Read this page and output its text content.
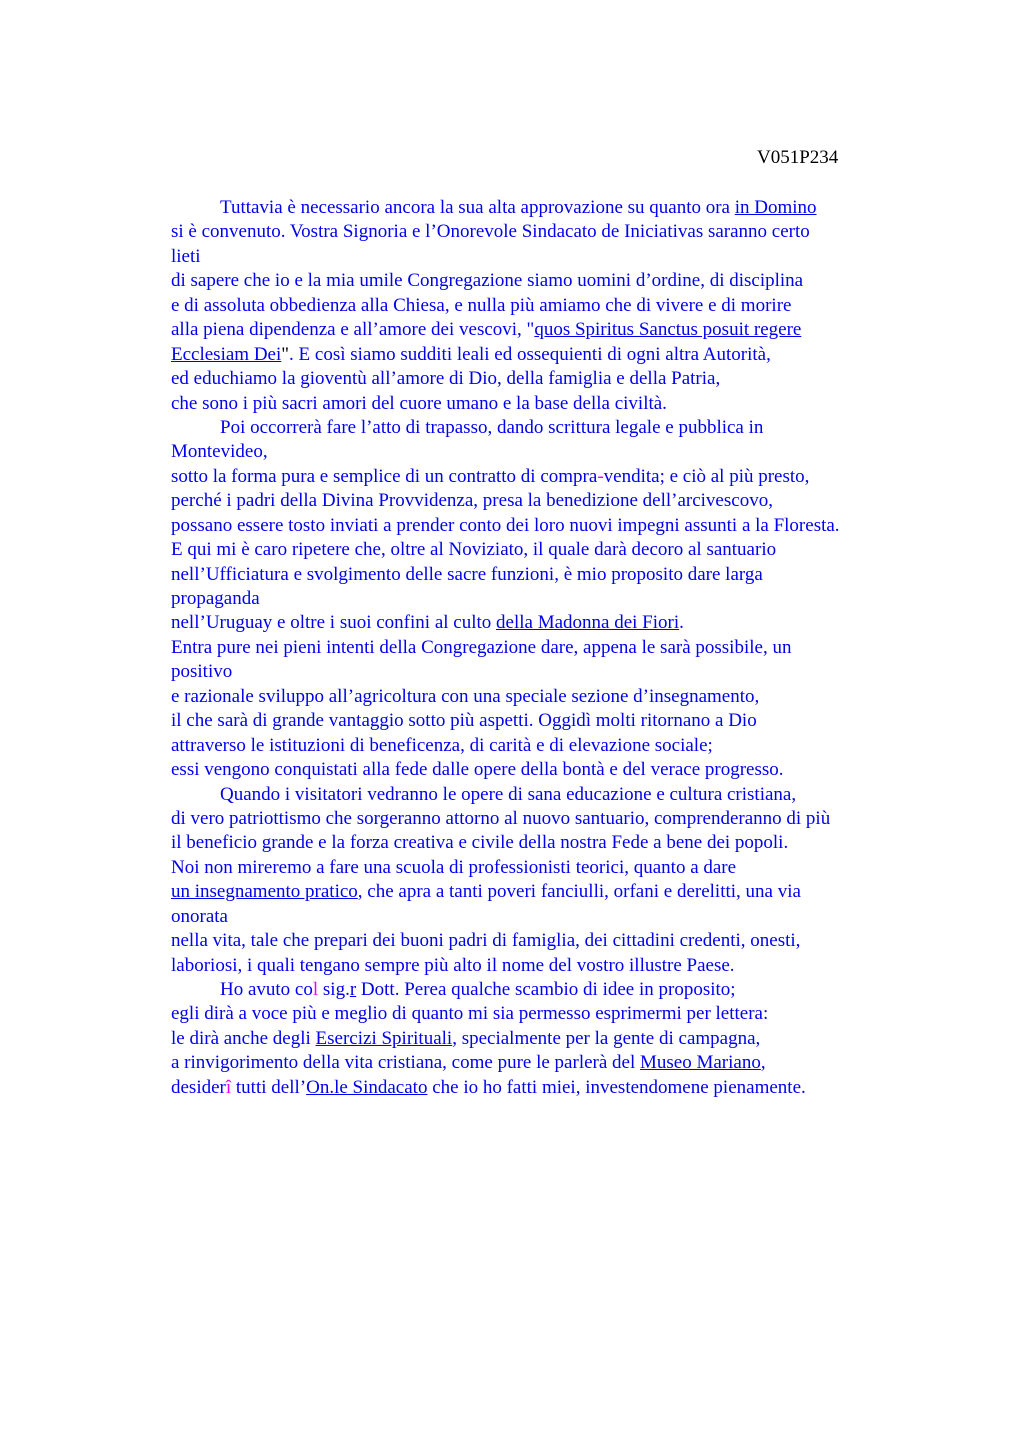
V051P234
Tuttavia è necessario ancora la sua alta approvazione su quanto ora in Domino
si è convenuto. Vostra Signoria e l’Onorevole Sindacato de Iniciativas saranno certo
lieti
di sapere che io e la mia umile Congregazione siamo uomini d’ordine, di disciplina
e di assoluta obbedienza alla Chiesa, e nulla più amiamo che di vivere e di morire
alla piena dipendenza e all’amore dei vescovi, "quos Spiritus Sanctus posuit regere
Ecclesiam Dei". E così siamo sudditi leali ed ossequienti di ogni altra Autorità,
ed educhiamo la gioventù all’amore di Dio, della famiglia e della Patria,
che sono i più sacri amori del cuore umano e la base della civiltà.
Poi occorrerà fare l’atto di trapasso, dando scrittura legale e pubblica in
Montevideo,
sotto la forma pura e semplice di un contratto di compra-vendita; e ciò al più presto,
perché i padri della Divina Provvidenza, presa la benedizione dell’arcivescovo,
possano essere tosto inviati a prender conto dei loro nuovi impegni assunti a la Floresta.
E qui mi è caro ripetere che, oltre al Noviziato, il quale darà decoro al santuario
nell’Ufficiatura e svolgimento delle sacre funzioni, è mio proposito dare larga
propaganda
nell’Uruguay e oltre i suoi confini al culto della Madonna dei Fiori.
Entra pure nei pieni intenti della Congregazione dare, appena le sarà possibile, un
positivo
e razionale sviluppo all’agricoltura con una speciale sezione d’insegnamento,
il che sarà di grande vantaggio sotto più aspetti. Oggidì molti ritornano a Dio
attraverso le istituzioni di beneficenza, di carità e di elevazione sociale;
essi vengono conquistati alla fede dalle opere della bontà e del verace progresso.
Quando i visitatori vedranno le opere di sana educazione e cultura cristiana,
di vero patriottismo che sorgeranno attorno al nuovo santuario, comprenderanno di più
il beneficio grande e la forza creativa e civile della nostra Fede a bene dei popoli.
Noi non mireremo a fare una scuola di professionisti teorici, quanto a dare
un insegnamento pratico, che apra a tanti poveri fanciulli, orfani e derelitti, una via
onorata
nella vita, tale che prepari dei buoni padri di famiglia, dei cittadini credenti, onesti,
laboriosi, i quali tengano sempre più alto il nome del vostro illustre Paese.
Ho avuto col sig.r Dott. Perea qualche scambio di idee in proposito;
egli dirà a voce più e meglio di quanto mi sia permesso esprimermi per lettera:
le dirà anche degli Esercizi Spirituali, specialmente per la gente di campagna,
a rinvigorimento della vita cristiana, come pure le parlerà del Museo Mariano,
desiderî tutti dell’On.le Sindacato che io ho fatti miei, investendomene pienamente.
